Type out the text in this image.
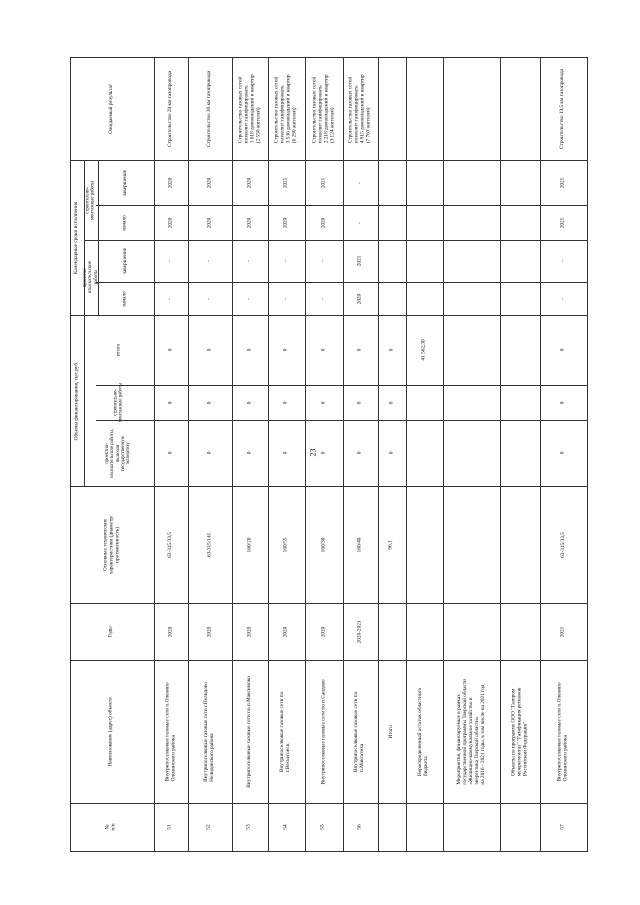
23
№
п/п
Наименование (адрес) объекта
Годы
Основные технические
характеристики (диаметр/
протяженность)
Объемы финансирования, тыс.руб.
проектно-
изыскательские работы,
включая
государственную
экспертизу
строительно-
монтажные работы
итого
Календарные сроки исполнения
проектно-
изыскательские
работы
строительно-
монтажные работы
начало
завершение
начало
завершение
Ожидаемый результат
51
Внутрипоселковые газовые сети п.Оленино
Оленинского района
2020
63-315/33,5
0
0
0
-
-
2020
2020
Строительство 20 км газопровода
52
Внутрипоселковые газовые сети г.Нелидово
Нелидовского района
2020
63-315/141
0
0
0
-
-
2020
2020
Строительство 30 км газопровода
53
Внутрипоселковые газовые сети по п.Максимово
2020
160/20
0
0
0
-
-
2020
2020
Строительство газовых сетей
позволит газифицировать
1 618 домовладений и квартир
(2 550 жителей)
54
Внутрипоселковые газовые сети по
г.Весьегонск
2020
160/55
0
0
0
-
-
2020
2021
Строительство газовых сетей
позволит газифицировать
3 536 домовладений и квартир
(6 290 жителей)
55
Внутрипоселковые газовые сети по п.Сандово
2020
160/30
0
0
0
-
-
2020
2021
Строительство газовых сетей
позволит газифицировать
2 218 домовладений и квартир
(3 124 жителей)
56
Внутрипоселковые газовые сети по
п.Максатиха
2020-2021
160/40
0
0
0
2020
2021
-
-
Строительство газовых сетей
позволит газифицировать
4 815 домовладений и квартир
(7 767 жителей)
Итого
96,1
0
0
0
Нераспределенный остаток областного
бюджета
41 562,30
Мероприятия, финансируемые в рамках
государственной программы Тверской области
«Жилищно-коммунальное хозяйство и
энергетика Тверской области»
на 2016 - 2021 годы, в том числе на 2021 год	Объекты по программе ООО "Газпром
межрегионгаз" "Газификация регионов
Российской Федерации"
57
Внутрипоселковые газовые сети п.Оленино
Оленинского района
2021
63-315/33,5
0
0
0
-
-
2021
2021
Строительство 13,5 км газопровода
